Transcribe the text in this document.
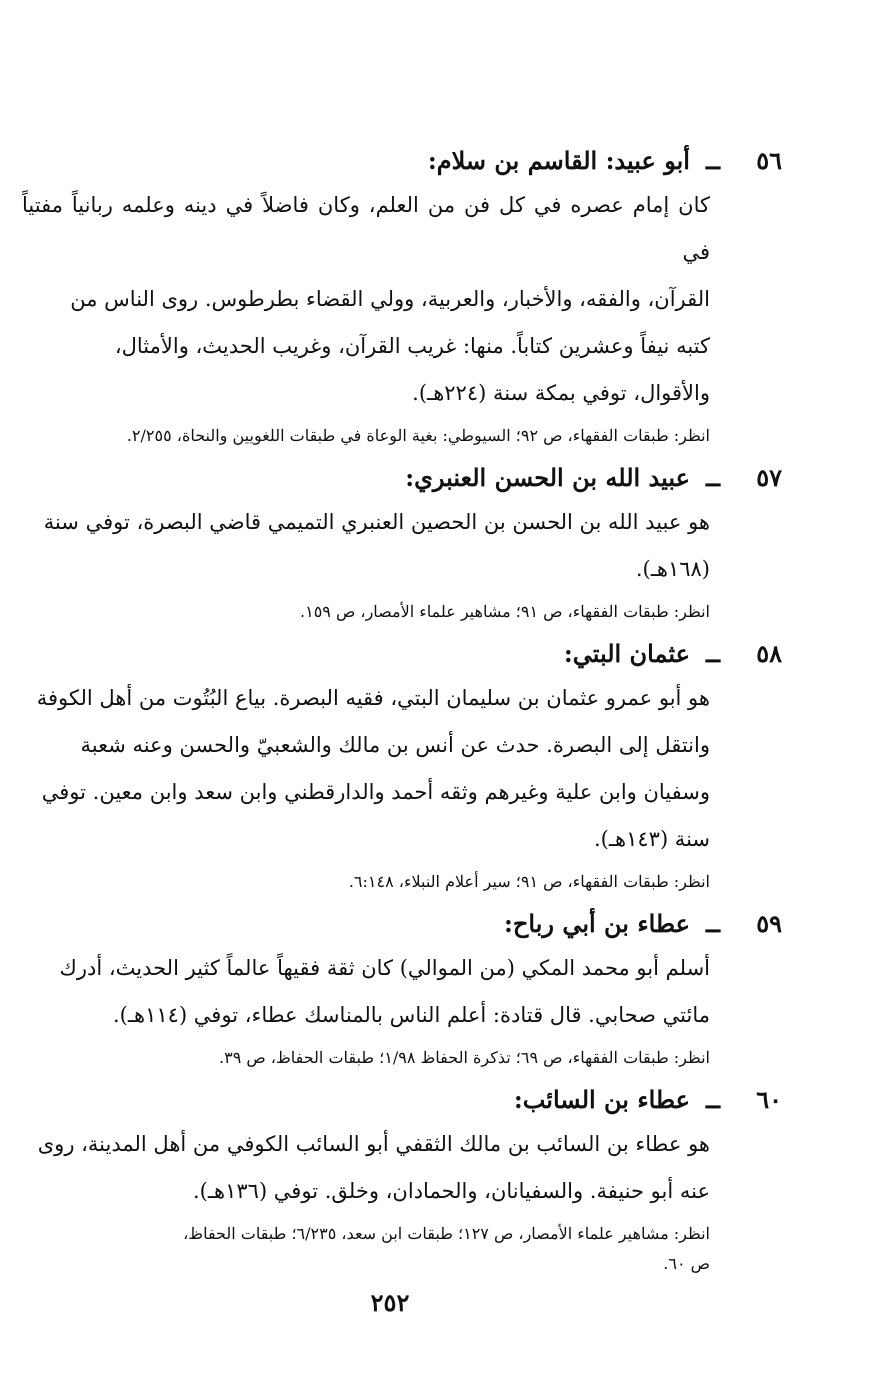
٥٦
ــ
أبو عبيد: القاسم بن سلام:
كان إمام عصره في كل فن من العلم، وكان فاضلاً في دينه وعلمه ربانياً مفتياً في
القرآن، والفقه، والأخبار، والعربية، وولي القضاء بطرطوس. روى الناس من
كتبه نيفاً وعشرين كتاباً. منها: غريب القرآن، وغريب الحديث، والأمثال،
والأقوال، توفي بمكة سنة (٢٢٤هـ).
انظر: طبقات الفقهاء، ص ٩٢؛ السيوطي: بغية الوعاة في طبقات اللغويين والنحاة، ٢/٢٥٥.
٥٧
ــ
عبيد الله بن الحسن العنبري:
هو عبيد الله بن الحسن بن الحصين العنبري التميمي قاضي البصرة، توفي سنة
(١٦٨هـ).
انظر: طبقات الفقهاء، ص ٩١؛ مشاهير علماء الأمصار، ص ١٥٩.
٥٨
ــ
عثمان البتي:
هو أبو عمرو عثمان بن سليمان البتي، فقيه البصرة. بياع البُتُوت من أهل الكوفة
وانتقل إلى البصرة. حدث عن أنس بن مالك والشعبيّ والحسن وعنه شعبة
وسفيان وابن علية وغيرهم وثقه أحمد والدارقطني وابن سعد وابن معين. توفي
سنة (١٤٣هـ).
انظر: طبقات الفقهاء، ص ٩١؛ سير أعلام النبلاء، ٦:١٤٨.
٥٩
ــ
عطاء بن أبي رباح:
أسلم أبو محمد المكي (من الموالي) كان ثقة فقيهاً عالماً كثير الحديث، أدرك
مائتي صحابي. قال قتادة: أعلم الناس بالمناسك عطاء، توفي (١١٤هـ).
انظر: طبقات الفقهاء، ص ٦٩؛ تذكرة الحفاظ ١/٩٨؛ طبقات الحفاظ، ص ٣٩.
٦٠
ــ
عطاء بن السائب:
هو عطاء بن السائب بن مالك الثقفي أبو السائب الكوفي من أهل المدينة، روى
عنه أبو حنيفة. والسفيانان، والحمادان، وخلق. توفي (١٣٦هـ).
انظر: مشاهير علماء الأمصار، ص ١٢٧؛ طبقات ابن سعد، ٦/٢٣٥؛ طبقات الحفاظ،
ص ٦٠.
٢٥٢
